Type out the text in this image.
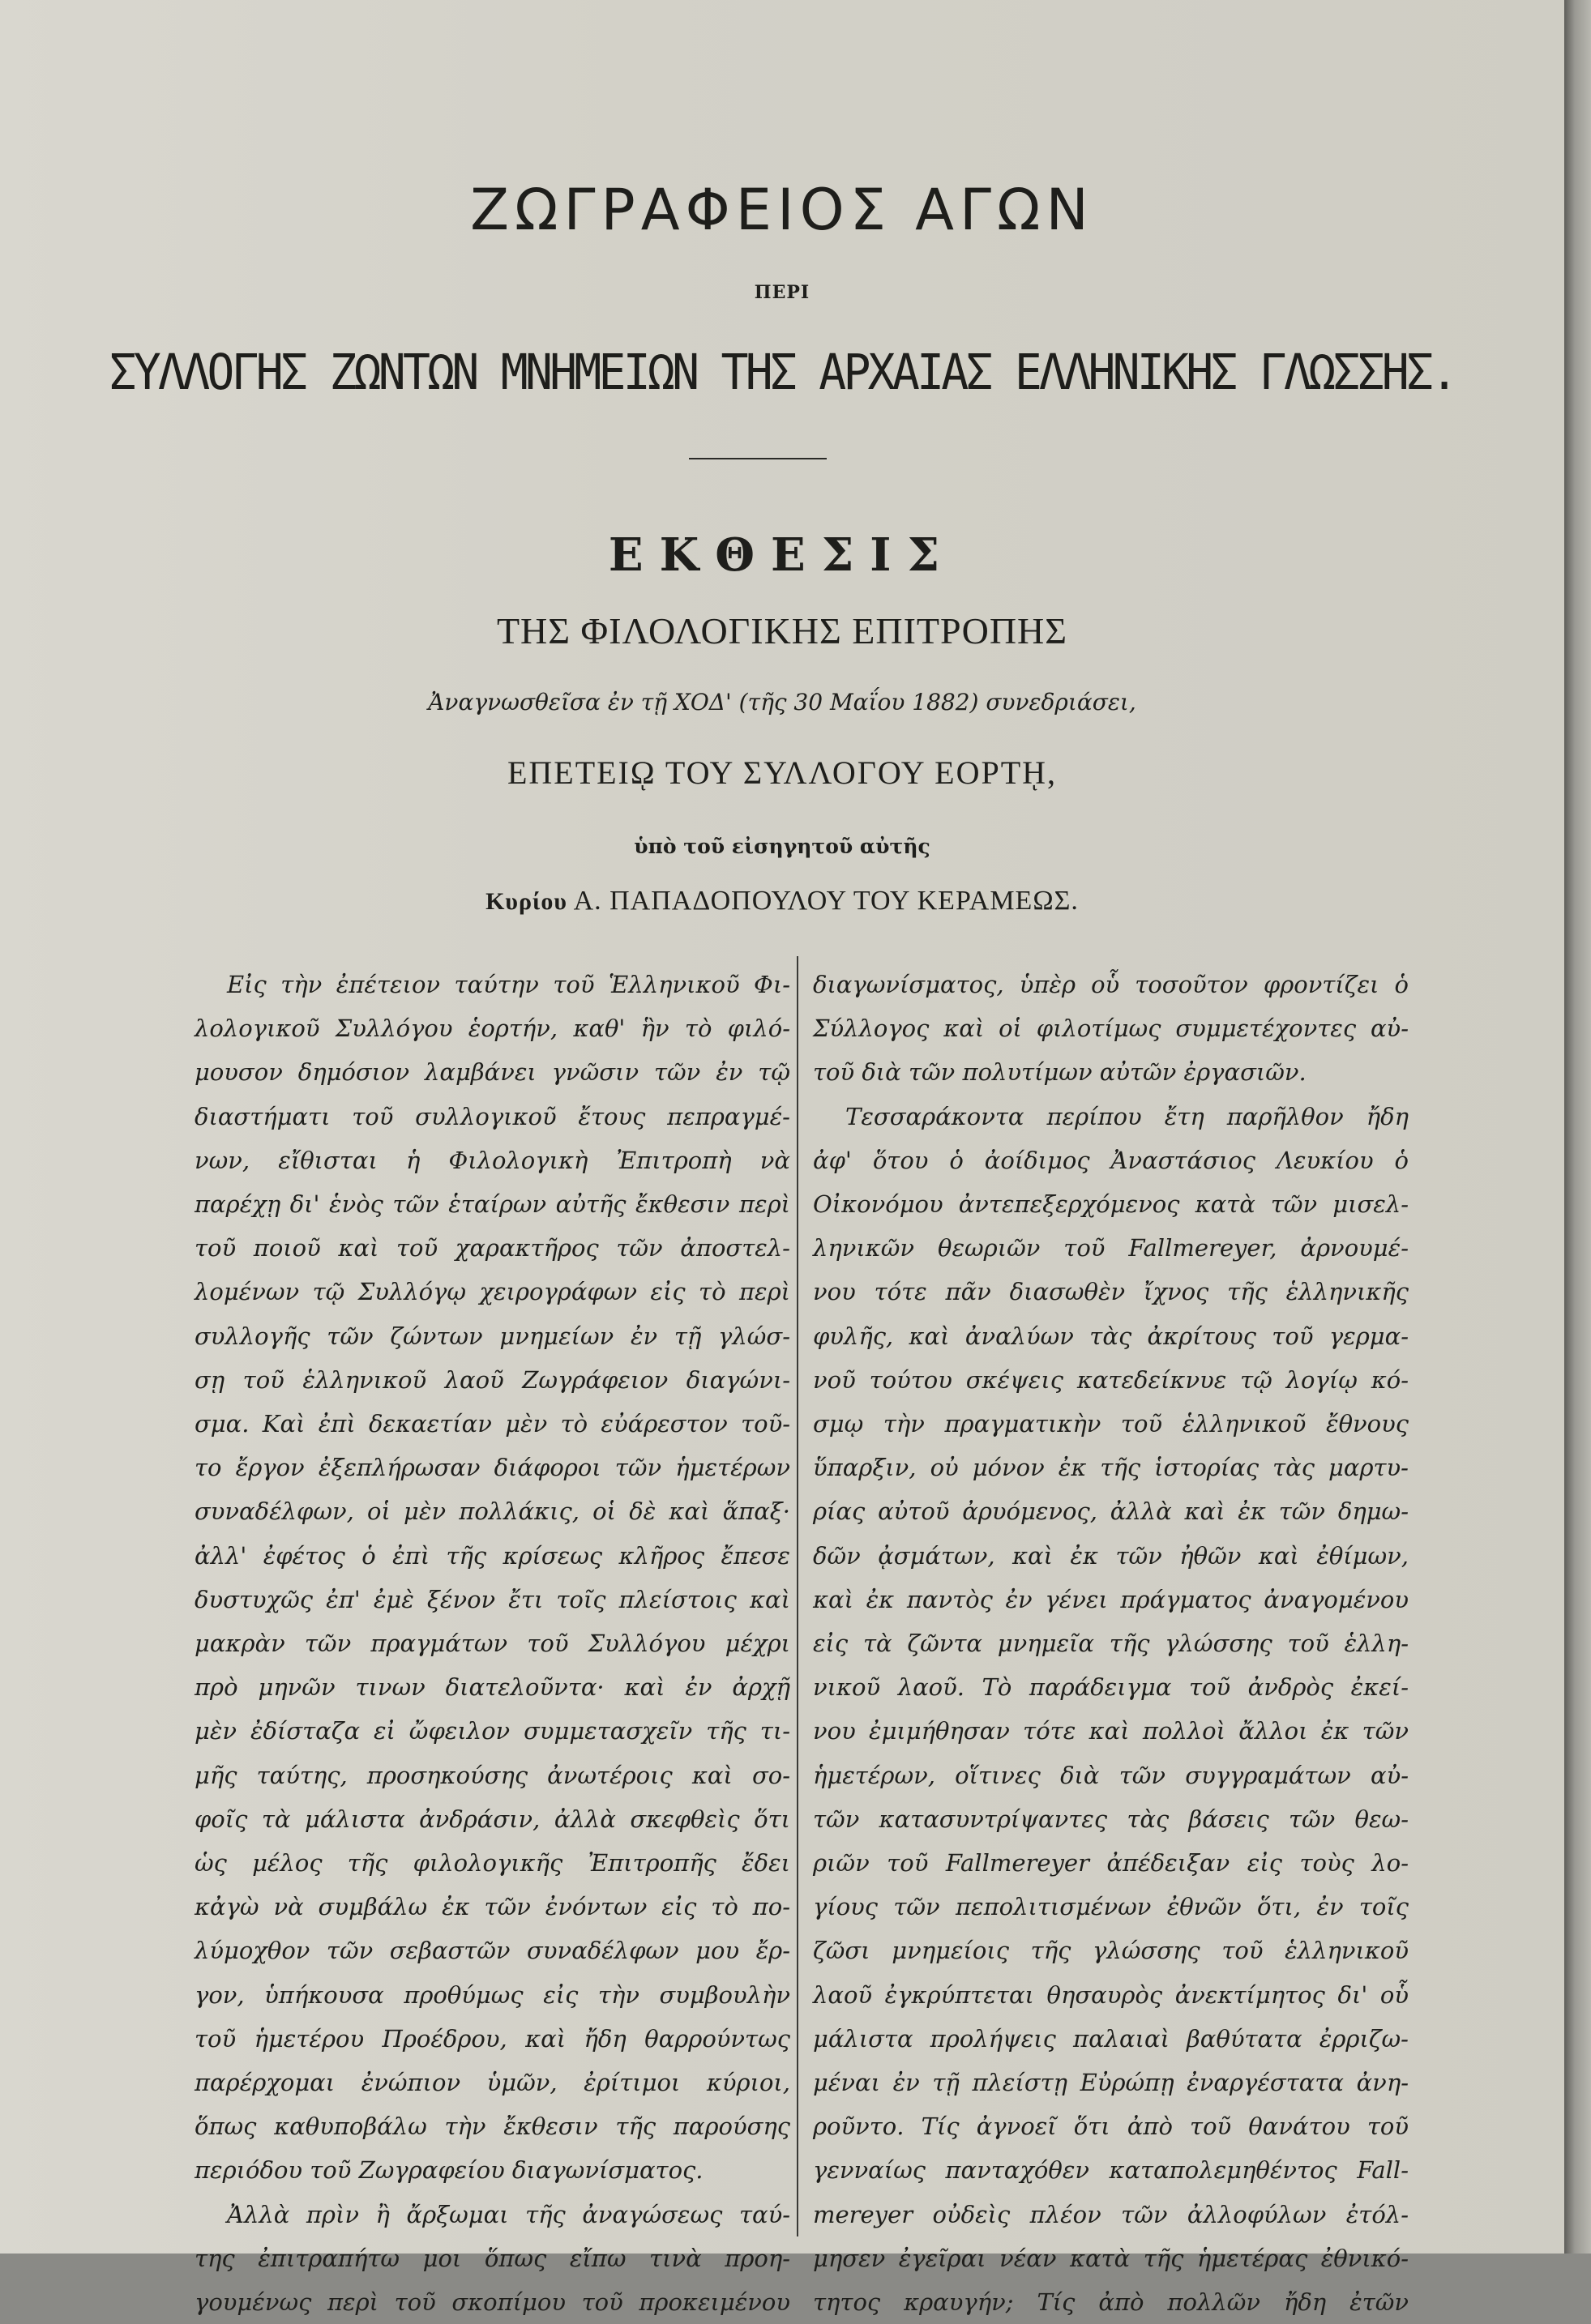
ΖΩΓΡΑΦΕΙΟΣ ΑΓΩΝ
ΠΕΡΙ
ΣΥΛΛΟΓΗΣ ΖΩΝΤΩΝ ΜΝΗΜΕΙΩΝ ΤΗΣ ΑΡΧΑΙΑΣ ΕΛΛΗΝΙΚΗΣ ΓΛΩΣΣΗΣ.
ΕΚΘΕΣΙΣ
ΤΗΣ ΦΙΛΟΛΟΓΙΚΗΣ ΕΠΙΤΡΟΠΗΣ
Ἀναγνωσθεῖσα ἐν τῇ ΧΟΔ' (τῆς 30 Μαΐου 1882) συνεδριάσει,
ΕΠΕΤΕΙῼ ΤΟΥ ΣΥΛΛΟΓΟΥ ΕΟΡΤῌ,
ὑπὸ τοῦ εἰσηγητοῦ αὐτῆς
Κυρίου Α. ΠΑΠΑΔΟΠΟΥΛΟΥ ΤΟΥ ΚΕΡΑΜΕΩΣ.
Εἰς τὴν ἐπέτειον ταύτην τοῦ Ἑλληνικοῦ Φι-
λολογικοῦ Συλλόγου ἑορτήν, καθ' ἣν τὸ φιλό-
μουσον δημόσιον λαμβάνει γνῶσιν τῶν ἐν τῷ
διαστήματι τοῦ συλλογικοῦ ἔτους πεπραγμέ-
νων, εἴθισται ἡ Φιλολογικὴ Ἐπιτροπὴ νὰ
παρέχῃ δι' ἑνὸς τῶν ἑταίρων αὐτῆς ἔκθεσιν περὶ
τοῦ ποιοῦ καὶ τοῦ χαρακτῆρος τῶν ἀποστελ-
λομένων τῷ Συλλόγῳ χειρογράφων εἰς τὸ περὶ
συλλογῆς τῶν ζώντων μνημείων ἐν τῇ γλώσ-
σῃ τοῦ ἑλληνικοῦ λαοῦ Ζωγράφειον διαγώνι-
σμα. Καὶ ἐπὶ δεκαετίαν μὲν τὸ εὐάρεστον τοῦ-
το ἔργον ἐξεπλήρωσαν διάφοροι τῶν ἡμετέρων
συναδέλφων, οἱ μὲν πολλάκις, οἱ δὲ καὶ ἅπαξ·
ἀλλ' ἐφέτος ὁ ἐπὶ τῆς κρίσεως κλῆρος ἔπεσε
δυστυχῶς ἐπ' ἐμὲ ξένον ἔτι τοῖς πλείστοις καὶ
μακρὰν τῶν πραγμάτων τοῦ Συλλόγου μέχρι
πρὸ μηνῶν τινων διατελοῦντα· καὶ ἐν ἀρχῇ
μὲν ἐδίσταζα εἰ ὤφειλον συμμετασχεῖν τῆς τι-
μῆς ταύτης, προσηκούσης ἀνωτέροις καὶ σο-
φοῖς τὰ μάλιστα ἀνδράσιν, ἀλλὰ σκεφθεὶς ὅτι
ὡς μέλος τῆς φιλολογικῆς Ἐπιτροπῆς ἔδει
κἀγὼ νὰ συμβάλω ἐκ τῶν ἐνόντων εἰς τὸ πο-
λύμοχθον τῶν σεβαστῶν συναδέλφων μου ἔρ-
γον, ὑπήκουσα προθύμως εἰς τὴν συμβουλὴν
τοῦ ἡμετέρου Προέδρου, καὶ ἤδη θαρρούντως
παρέρχομαι ἐνώπιον ὑμῶν, ἐρίτιμοι κύριοι,
ὅπως καθυποβάλω τὴν ἔκθεσιν τῆς παρούσης
περιόδου τοῦ Ζωγραφείου διαγωνίσματος.
Ἀλλὰ πρὶν ἢ ἄρξωμαι τῆς ἀναγώσεως ταύ-
της ἐπιτραπήτω μοι ὅπως εἴπω τινὰ προη-
γουμένως περὶ τοῦ σκοπίμου τοῦ προκειμένου
διαγωνίσματος, ὑπὲρ οὗ τοσοῦτον φροντίζει ὁ
Σύλλογος καὶ οἱ φιλοτίμως συμμετέχοντες αὐ-
τοῦ διὰ τῶν πολυτίμων αὐτῶν ἐργασιῶν.
Τεσσαράκοντα περίπου ἔτη παρῆλθον ἤδη
ἀφ' ὅτου ὁ ἀοίδιμος Ἀναστάσιος Λευκίου ὁ
Οἰκονόμου ἀντεπεξερχόμενος κατὰ τῶν μισελ-
ληνικῶν θεωριῶν τοῦ Fallmereyer, ἀρνουμέ-
νου τότε πᾶν διασωθὲν ἴχνος τῆς ἑλληνικῆς
φυλῆς, καὶ ἀναλύων τὰς ἀκρίτους τοῦ γερμα-
νοῦ τούτου σκέψεις κατεδείκνυε τῷ λογίῳ κό-
σμῳ τὴν πραγματικὴν τοῦ ἑλληνικοῦ ἔθνους
ὕπαρξιν, οὐ μόνον ἐκ τῆς ἱστορίας τὰς μαρτυ-
ρίας αὐτοῦ ἀρυόμενος, ἀλλὰ καὶ ἐκ τῶν δημω-
δῶν ᾀσμάτων, καὶ ἐκ τῶν ἠθῶν καὶ ἐθίμων,
καὶ ἐκ παντὸς ἐν γένει πράγματος ἀναγομένου
εἰς τὰ ζῶντα μνημεῖα τῆς γλώσσης τοῦ ἑλλη-
νικοῦ λαοῦ. Τὸ παράδειγμα τοῦ ἀνδρὸς ἐκεί-
νου ἐμιμήθησαν τότε καὶ πολλοὶ ἄλλοι ἐκ τῶν
ἡμετέρων, οἵτινες διὰ τῶν συγγραμάτων αὐ-
τῶν κατασυντρίψαντες τὰς βάσεις τῶν θεω-
ριῶν τοῦ Fallmereyer ἀπέδειξαν εἰς τοὺς λο-
γίους τῶν πεπολιτισμένων ἐθνῶν ὅτι, ἐν τοῖς
ζῶσι μνημείοις τῆς γλώσσης τοῦ ἑλληνικοῦ
λαοῦ ἐγκρύπτεται θησαυρὸς ἀνεκτίμητος δι' οὗ
μάλιστα προλήψεις παλαιαὶ βαθύτατα ἐρριζω-
μέναι ἐν τῇ πλείστῃ Εὐρώπῃ ἐναργέστατα ἀνη-
ροῦντο. Τίς ἀγνοεῖ ὅτι ἀπὸ τοῦ θανάτου τοῦ
γενναίως πανταχόθεν καταπολεμηθέντος Fall-
mereyer οὐδεὶς πλέον τῶν ἀλλοφύλων ἐτόλ-
μησεν ἐγεῖραι νέαν κατὰ τῆς ἡμετέρας ἐθνικό-
τητος κραυγήν; Τίς ἀπὸ πολλῶν ἤδη ἐτῶν
